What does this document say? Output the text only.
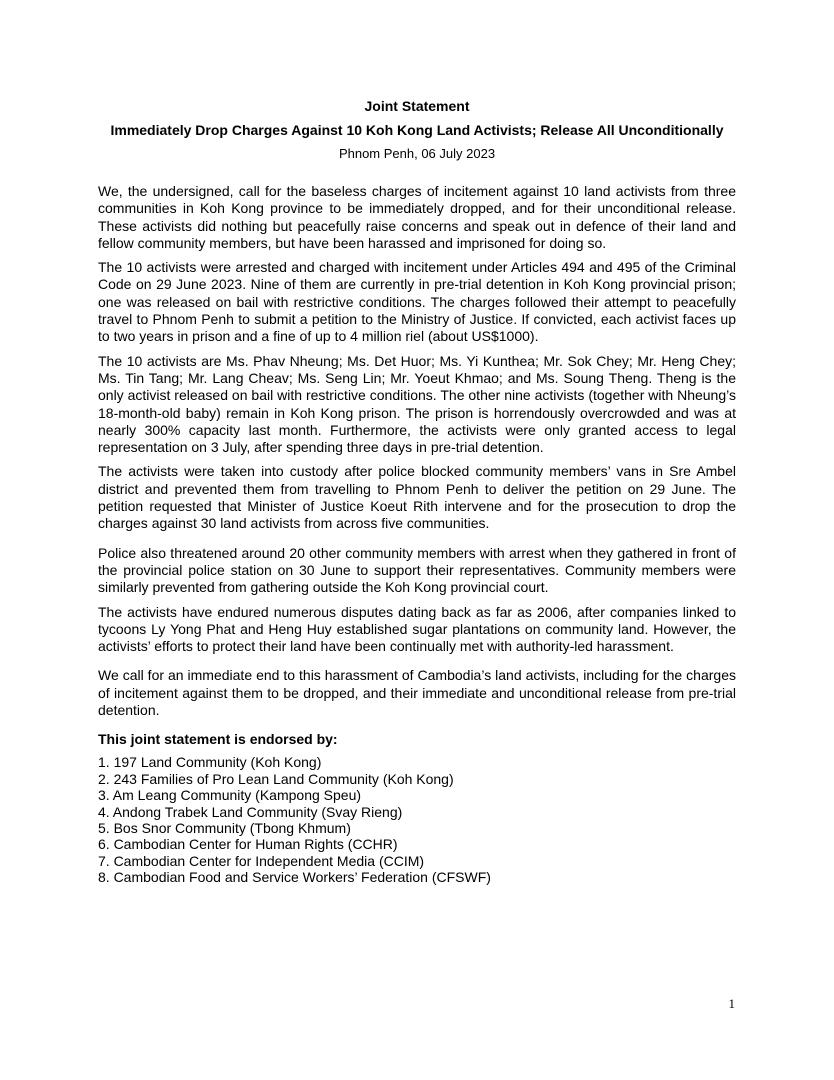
Joint Statement
Immediately Drop Charges Against 10 Koh Kong Land Activists; Release All Unconditionally
Phnom Penh, 06 July 2023

We, the undersigned, call for the baseless charges of incitement against 10 land activists from three communities in Koh Kong province to be immediately dropped, and for their unconditional release. These activists did nothing but peacefully raise concerns and speak out in defence of their land and fellow community members, but have been harassed and imprisoned for doing so.

The 10 activists were arrested and charged with incitement under Articles 494 and 495 of the Criminal Code on 29 June 2023. Nine of them are currently in pre-trial detention in Koh Kong provincial prison; one was released on bail with restrictive conditions. The charges followed their attempt to peacefully travel to Phnom Penh to submit a petition to the Ministry of Justice. If convicted, each activist faces up to two years in prison and a fine of up to 4 million riel (about US$1000).

The 10 activists are Ms. Phav Nheung; Ms. Det Huor; Ms. Yi Kunthea; Mr. Sok Chey; Mr. Heng Chey; Ms. Tin Tang; Mr. Lang Cheav; Ms. Seng Lin; Mr. Yoeut Khmao; and Ms. Soung Theng. Theng is the only activist released on bail with restrictive conditions. The other nine activists (together with Nheung’s 18-month-old baby) remain in Koh Kong prison. The prison is horrendously overcrowded and was at nearly 300% capacity last month. Furthermore, the activists were only granted access to legal representation on 3 July, after spending three days in pre-trial detention.

The activists were taken into custody after police blocked community members’ vans in Sre Ambel district and prevented them from travelling to Phnom Penh to deliver the petition on 29 June. The petition requested that Minister of Justice Koeut Rith intervene and for the prosecution to drop the charges against 30 land activists from across five communities.

Police also threatened around 20 other community members with arrest when they gathered in front of the provincial police station on 30 June to support their representatives. Community members were similarly prevented from gathering outside the Koh Kong provincial court.

The activists have endured numerous disputes dating back as far as 2006, after companies linked to tycoons Ly Yong Phat and Heng Huy established sugar plantations on community land. However, the activists’ efforts to protect their land have been continually met with authority-led harassment.

We call for an immediate end to this harassment of Cambodia’s land activists, including for the charges of incitement against them to be dropped, and their immediate and unconditional release from pre-trial detention.

This joint statement is endorsed by:
1. 197 Land Community (Koh Kong)
2. 243 Families of Pro Lean Land Community (Koh Kong)
3. Am Leang Community (Kampong Speu)
4. Andong Trabek Land Community (Svay Rieng)
5. Bos Snor Community (Tbong Khmum)
6. Cambodian Center for Human Rights (CCHR)
7. Cambodian Center for Independent Media (CCIM)
8. Cambodian Food and Service Workers’ Federation (CFSWF)
1
